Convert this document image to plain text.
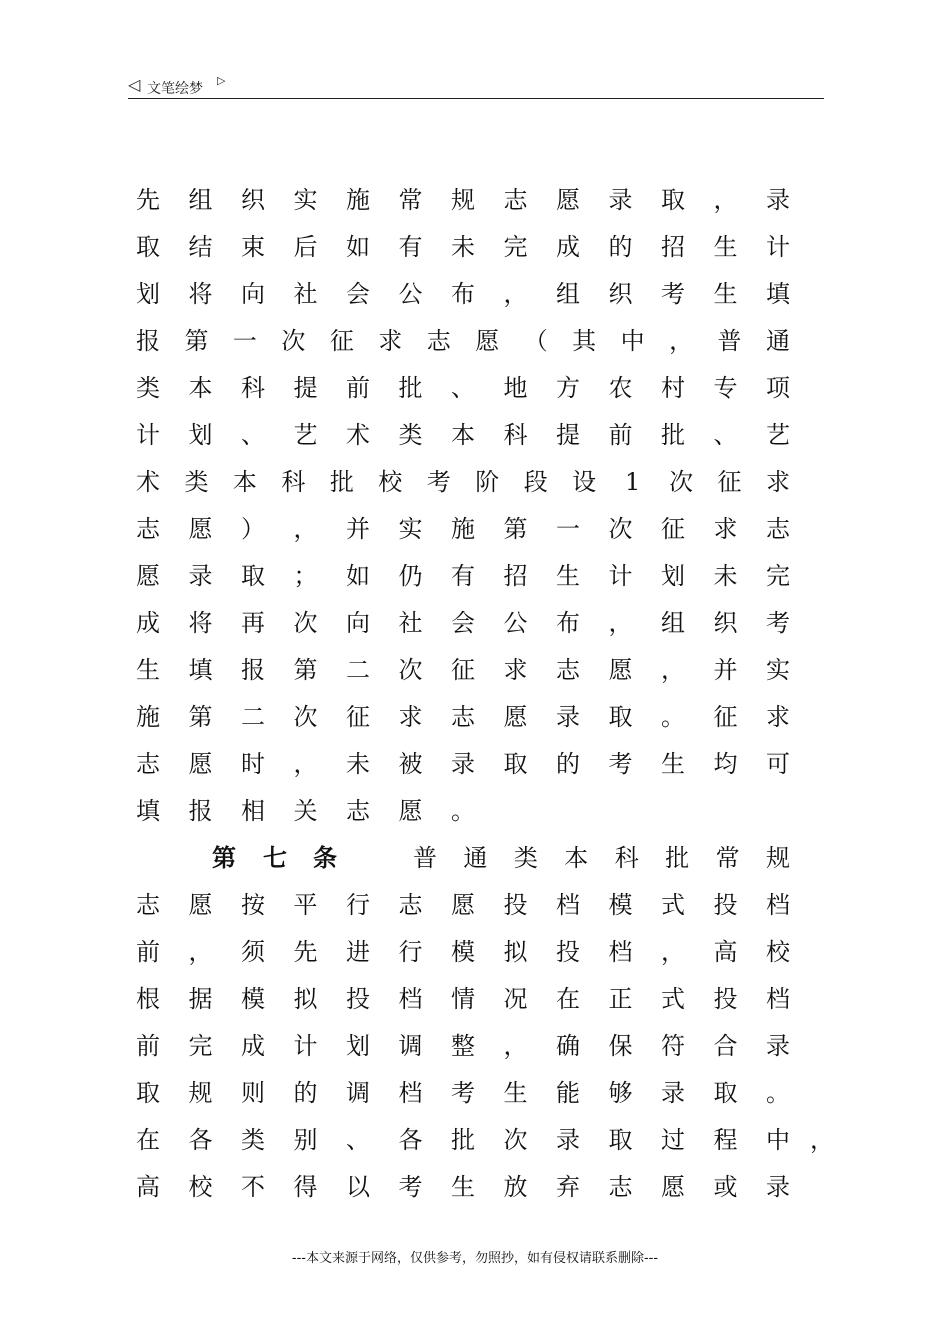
◁ 文笔绘梦
▷
先 组 织 实 施 常 规 志 愿 录 取 ， 录
取 结 束 后 如 有 未 完 成 的 招 生 计
划 将 向 社 会 公 布 ， 组 织 考 生 填
报 第 一 次 征 求 志 愿 （ 其 中 ， 普 通
类 本 科 提 前 批 、 地 方 农 村 专 项
计 划 、 艺 术 类 本 科 提 前 批 、 艺
术 类 本 科 批 校 考 阶 段 设 1 次 征 求
志 愿 ） ， 并 实 施 第 一 次 征 求 志
愿 录 取 ； 如 仍 有 招 生 计 划 未 完
成 将 再 次 向 社 会 公 布 ， 组 织 考
生 填 报 第 二 次 征 求 志 愿 ， 并 实
施 第 二 次 征 求 志 愿 录 取 。 征 求
志 愿 时 ， 未 被 录 取 的 考 生 均 可
填 报 相 关 志 愿 。
第 七 条	普 通 类 本 科 批 常 规
志 愿 按 平 行 志 愿 投 档 模 式 投 档
前 ， 须 先 进 行 模 拟 投 档 ， 高 校
根 据 模 拟 投 档 情 况 在 正 式 投 档
前 完 成 计 划 调 整 ， 确 保 符 合 录
取 规 则 的 调 档 考 生 能 够 录 取 。
在 各 类 别 、 各 批 次 录 取 过 程 中 ，
高 校 不 得 以 考 生 放 弃 志 愿 或 录
---本文来源于网络，仅供参考，勿照抄，如有侵权请联系删除---
